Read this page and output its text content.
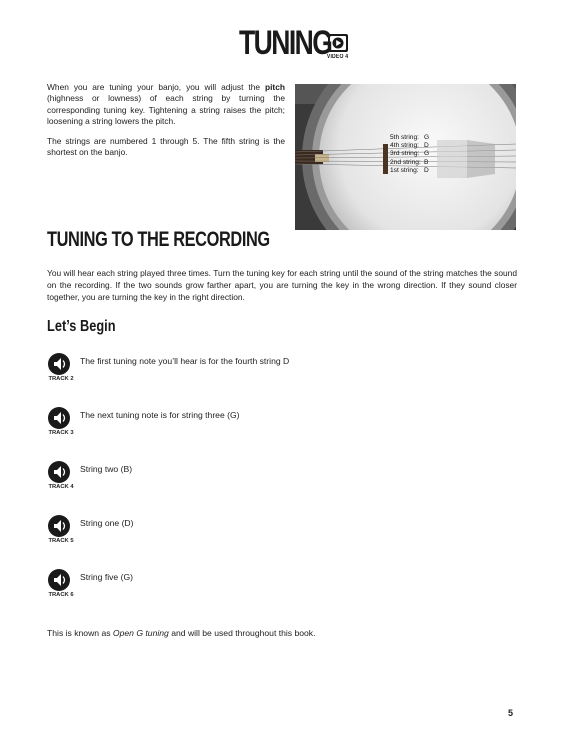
TUNING
VIDEO 4

When you are tuning your banjo, you will adjust the pitch (highness or lowness) of each string by turning the corresponding tuning key. Tightening a string raises the pitch; loosening a string lowers the pitch.

The strings are numbered 1 through 5. The fifth string is the shortest on the banjo.

5th string: G
4th string: D
3rd string: G
2nd string: B
1st string: D
TUNING TO THE RECORDING
You will hear each string played three times. Turn the tuning key for each string until the sound of the string matches the sound on the recording. If the two sounds grow farther apart, you are turning the key in the wrong direction. If they sound closer together, you are turning the key in the right direction.
Let’s Begin
TRACK 2
The first tuning note you’ll hear is for the fourth string D
TRACK 3
The next tuning note is for string three (G)
TRACK 4
String two (B)
TRACK 5
String one (D)
TRACK 6
String five (G)
This is known as Open G tuning and will be used throughout this book.
5
